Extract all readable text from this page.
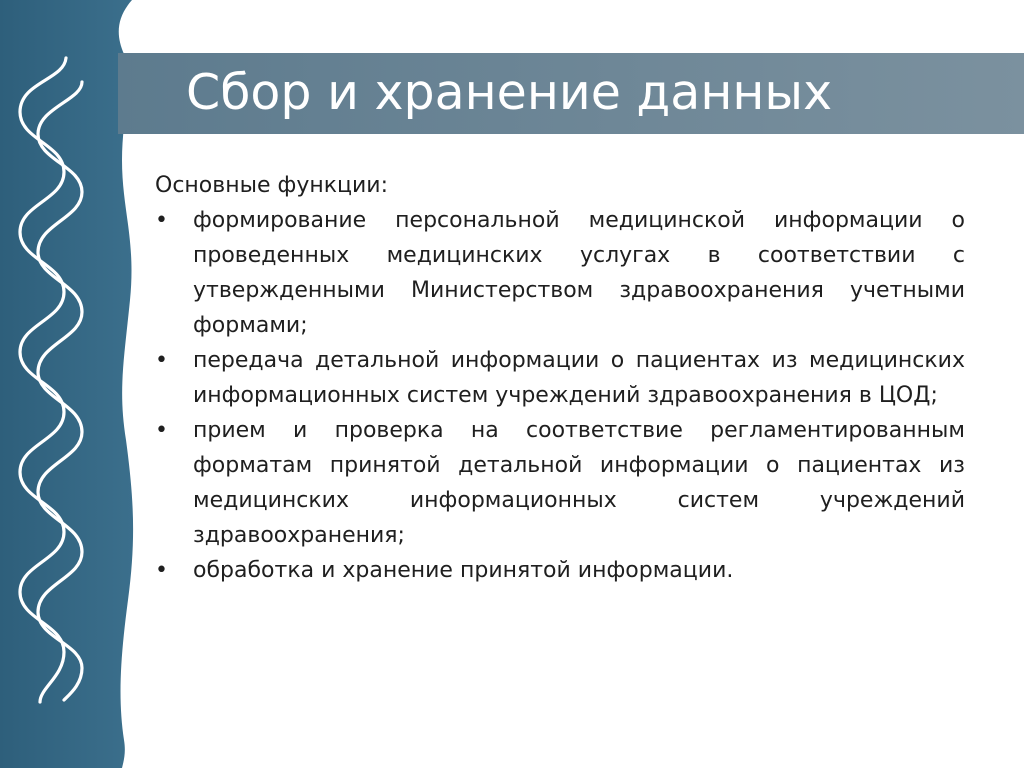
Сбор и хранение данных

Основные функции:

•	формирование персональной медицинской информации о проведенных медицинских услугах в соответствии с утвержденными Министерством здравоохранения учетными формами;
•	передача детальной информации о пациентах из медицинских информационных систем учреждений здравоохранения в ЦОД;
•	прием и проверка на соответствие регламентированным форматам принятой детальной информации о пациентах из медицинских информационных систем учреждений здравоохранения;
•	обработка и хранение принятой информации.
